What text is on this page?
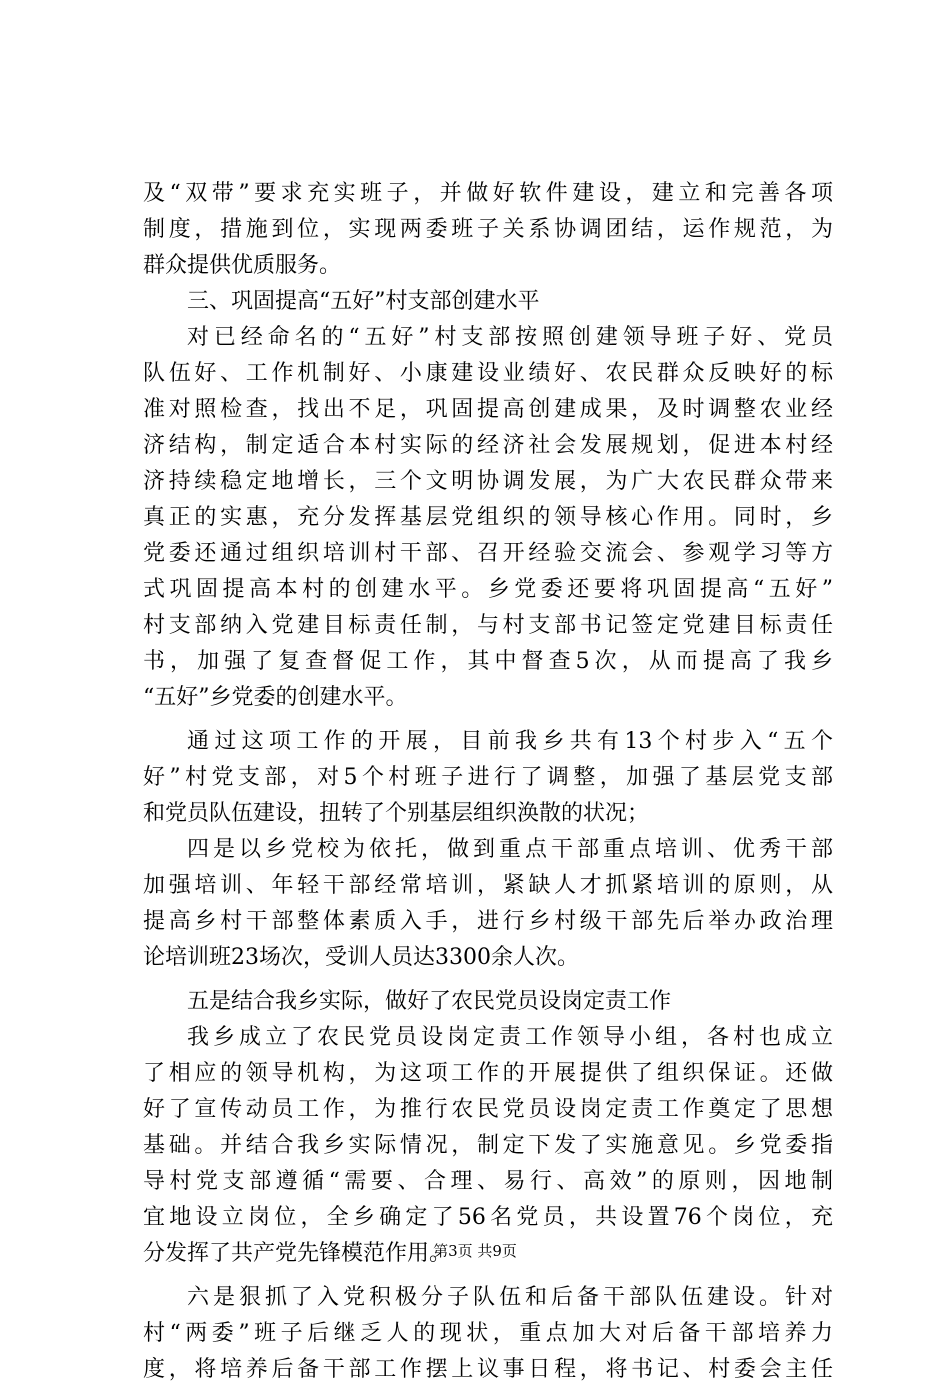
及“双带”要求充实班子，并做好软件建设，建立和完善各项
制度，措施到位，实现两委班子关系协调团结，运作规范，为
群众提供优质服务。
三、巩固提高“五好”村支部创建水平
对已经命名的“五好”村支部按照创建领导班子好、党员
队伍好、工作机制好、小康建设业绩好、农民群众反映好的标
准对照检查，找出不足，巩固提高创建成果，及时调整农业经
济结构，制定适合本村实际的经济社会发展规划，促进本村经
济持续稳定地增长，三个文明协调发展，为广大农民群众带来
真正的实惠，充分发挥基层党组织的领导核心作用。同时，乡
党委还通过组织培训村干部、召开经验交流会、参观学习等方
式巩固提高本村的创建水平。乡党委还要将巩固提高“五好”
村支部纳入党建目标责任制，与村支部书记签定党建目标责任
书，加强了复查督促工作，其中督查5次，从而提高了我乡
“五好”乡党委的创建水平。
通过这项工作的开展，目前我乡共有13个村步入“五个
好”村党支部，对5个村班子进行了调整，加强了基层党支部
和党员队伍建设，扭转了个别基层组织涣散的状况；
四是以乡党校为依托，做到重点干部重点培训、优秀干部
加强培训、年轻干部经常培训，紧缺人才抓紧培训的原则，从
提高乡村干部整体素质入手，进行乡村级干部先后举办政治理
论培训班23场次，受训人员达3300余人次。
五是结合我乡实际，做好了农民党员设岗定责工作
我乡成立了农民党员设岗定责工作领导小组，各村也成立
了相应的领导机构，为这项工作的开展提供了组织保证。还做
好了宣传动员工作，为推行农民党员设岗定责工作奠定了思想
基础。并结合我乡实际情况，制定下发了实施意见。乡党委指
导村党支部遵循“需要、合理、易行、高效”的原则，因地制
宜地设立岗位，全乡确定了56名党员，共设置76个岗位，充
分发挥了共产党先锋模范作用。
六是狠抓了入党积极分子队伍和后备干部队伍建设。针对
村“两委”班子后继乏人的现状，重点加大对后备干部培养力
度，将培养后备干部工作摆上议事日程，将书记、村委会主任
第3页 共9页
